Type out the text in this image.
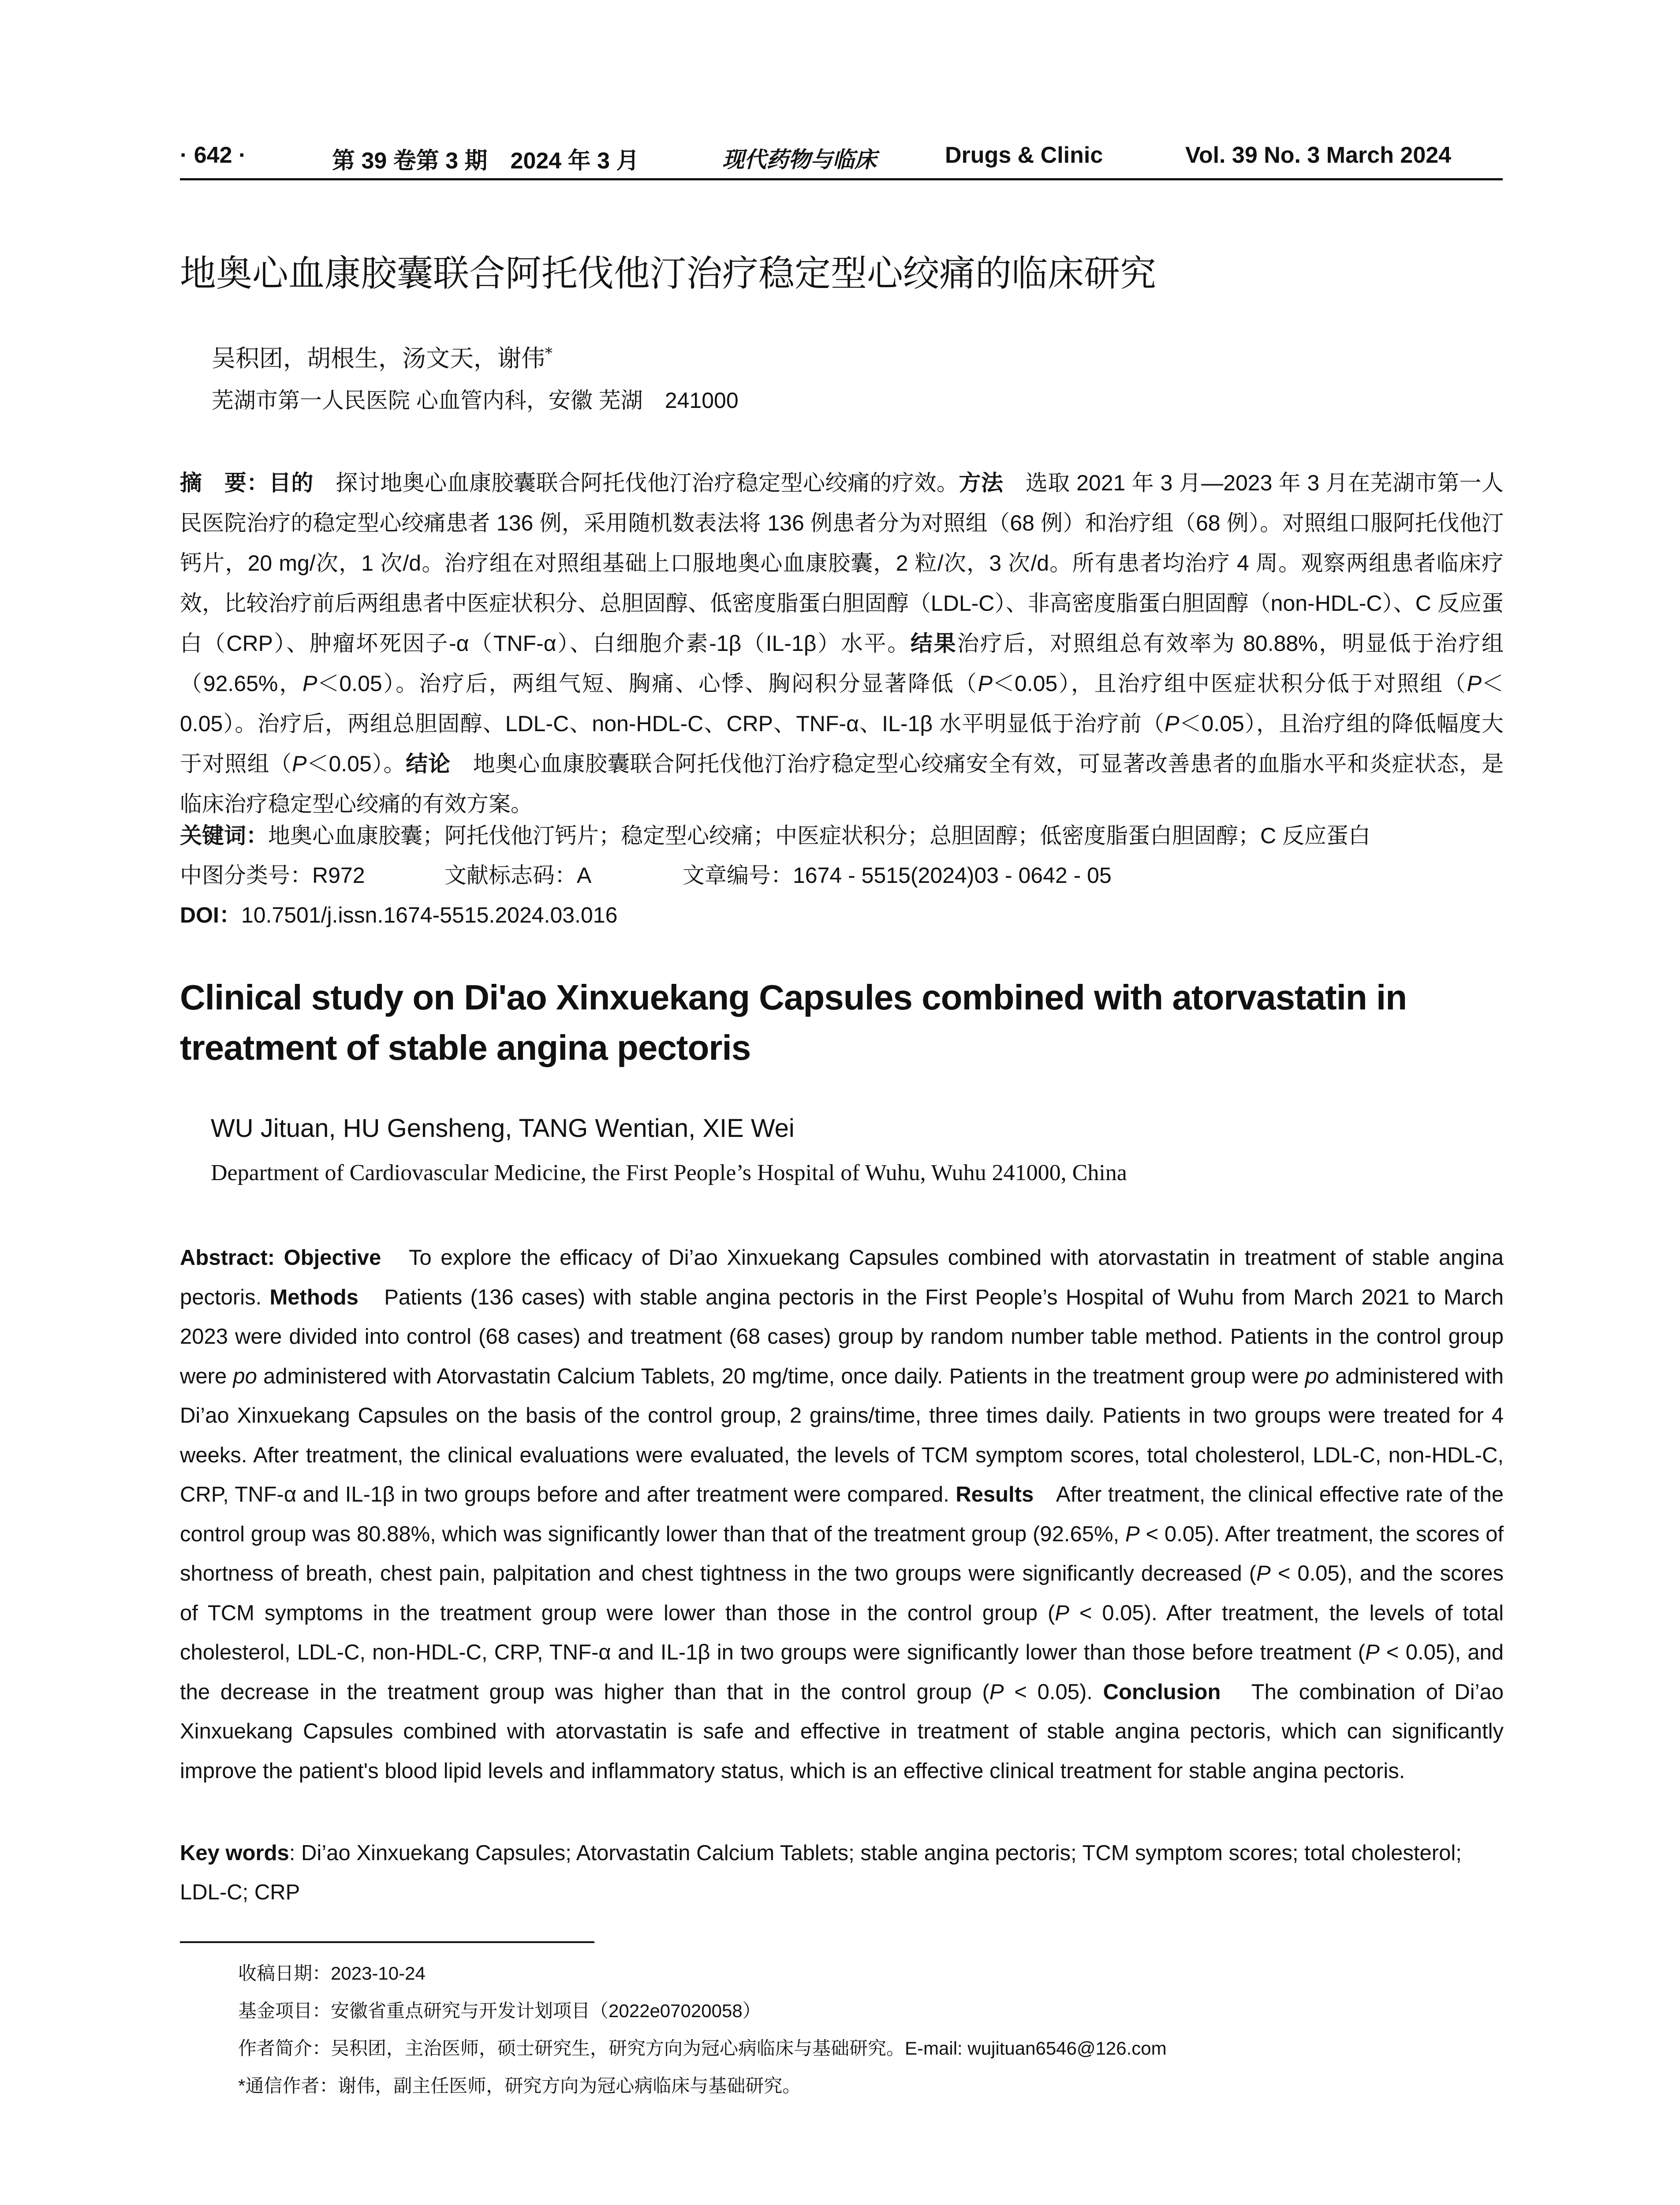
· 642 ·	第 39 卷第 3 期　2024 年 3 月	现代药物与临床	Drugs & Clinic	Vol. 39 No. 3 March 2024
地奥心血康胶囊联合阿托伐他汀治疗稳定型心绞痛的临床研究
吴积团，胡根生，汤文天，谢伟*
芜湖市第一人民医院 心血管内科，安徽 芜湖　241000

摘　要：目的　探讨地奥心血康胶囊联合阿托伐他汀治疗稳定型心绞痛的疗效。方法　选取 2021 年 3 月—2023 年 3 月在芜湖市第一人民医院治疗的稳定型心绞痛患者 136 例，采用随机数表法将 136 例患者分为对照组（68 例）和治疗组（68 例）。对照组口服阿托伐他汀钙片，20 mg/次，1 次/d。治疗组在对照组基础上口服地奥心血康胶囊，2 粒/次，3 次/d。所有患者均治疗 4 周。观察两组患者临床疗效，比较治疗前后两组患者中医症状积分、总胆固醇、低密度脂蛋白胆固醇（LDL-C）、非高密度脂蛋白胆固醇（non-HDL-C）、C 反应蛋白（CRP）、肿瘤坏死因子-α（TNF-α）、白细胞介素-1β（IL-1β）水平。结果治疗后，对照组总有效率为 80.88%，明显低于治疗组（92.65%，P＜0.05）。治疗后，两组气短、胸痛、心悸、胸闷积分显著降低（P＜0.05），且治疗组中医症状积分低于对照组（P＜0.05）。治疗后，两组总胆固醇、LDL-C、non-HDL-C、CRP、TNF-α、IL-1β 水平明显低于治疗前（P＜0.05），且治疗组的降低幅度大于对照组（P＜0.05）。结论　地奥心血康胶囊联合阿托伐他汀治疗稳定型心绞痛安全有效，可显著改善患者的血脂水平和炎症状态，是临床治疗稳定型心绞痛的有效方案。

关键词：地奥心血康胶囊；阿托伐他汀钙片；稳定型心绞痛；中医症状积分；总胆固醇；低密度脂蛋白胆固醇；C 反应蛋白
中图分类号：R972	文献标志码：A	文章编号：1674 - 5515(2024)03 - 0642 - 05
DOI：10.7501/j.issn.1674-5515.2024.03.016
Clinical study on Di'ao Xinxuekang Capsules combined with atorvastatin in treatment of stable angina pectoris
WU Jituan, HU Gensheng, TANG Wentian, XIE Wei
Department of Cardiovascular Medicine, the First People’s Hospital of Wuhu, Wuhu 241000, China

Abstract: Objective　To explore the efficacy of Di’ao Xinxuekang Capsules combined with atorvastatin in treatment of stable angina pectoris. Methods　Patients (136 cases) with stable angina pectoris in the First People’s Hospital of Wuhu from March 2021 to March 2023 were divided into control (68 cases) and treatment (68 cases) group by random number table method. Patients in the control group were po administered with Atorvastatin Calcium Tablets, 20 mg/time, once daily. Patients in the treatment group were po administered with Di’ao Xinxuekang Capsules on the basis of the control group, 2 grains/time, three times daily. Patients in two groups were treated for 4 weeks. After treatment, the clinical evaluations were evaluated, the levels of TCM symptom scores, total cholesterol, LDL-C, non-HDL-C, CRP, TNF-α and IL-1β in two groups before and after treatment were compared. Results　After treatment, the clinical effective rate of the control group was 80.88%, which was significantly lower than that of the treatment group (92.65%, P < 0.05). After treatment, the scores of shortness of breath, chest pain, palpitation and chest tightness in the two groups were significantly decreased (P < 0.05), and the scores of TCM symptoms in the treatment group were lower than those in the control group (P < 0.05). After treatment, the levels of total cholesterol, LDL-C, non-HDL-C, CRP, TNF-α and IL-1β in two groups were significantly lower than those before treatment (P < 0.05), and the decrease in the treatment group was higher than that in the control group (P < 0.05). Conclusion　The combination of Di’ao Xinxuekang Capsules combined with atorvastatin is safe and effective in treatment of stable angina pectoris, which can significantly improve the patient's blood lipid levels and inflammatory status, which is an effective clinical treatment for stable angina pectoris.

Key words: Di’ao Xinxuekang Capsules; Atorvastatin Calcium Tablets; stable angina pectoris; TCM symptom scores; total cholesterol; LDL-C; CRP
收稿日期：2023-10-24
基金项目：安徽省重点研究与开发计划项目（2022e07020058）
作者简介：吴积团，主治医师，硕士研究生，研究方向为冠心病临床与基础研究。E-mail: wujituan6546@126.com
*通信作者：谢伟，副主任医师，研究方向为冠心病临床与基础研究。
